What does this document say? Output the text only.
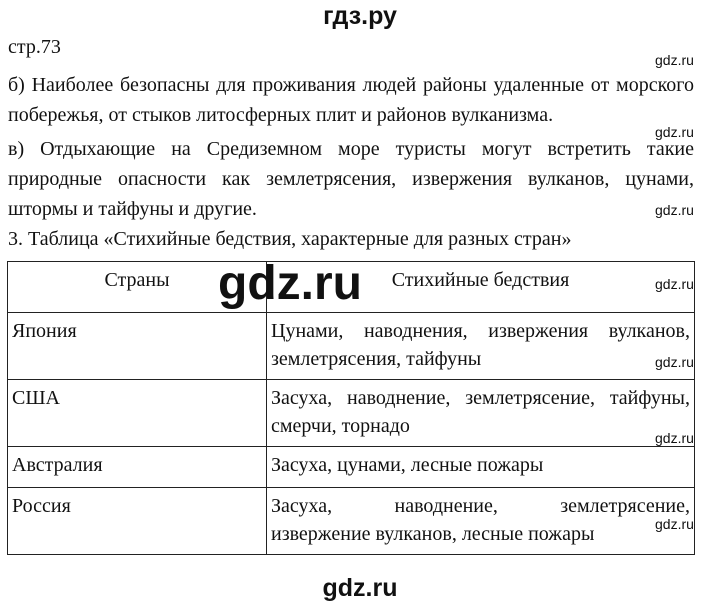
гдз.ру
стр.73
gdz.ru
б) Наиболее безопасны для проживания людей районы удаленные от морского побережья, от стыков литосферных плит и районов вулканизма.
gdz.ru
в) Отдыхающие на Средиземном море туристы могут встретить такие природные опасности как землетрясения, извержения вулканов, цунами, штормы и тайфуны и другие.	gdz.ru
3. Таблица «Стихийные бедствия, характерные для разных стран»
Страны	Стихийные бедствия
Япония	Цунами, наводнения, извержения вулканов,
землетрясения, тайфуны
США	Засуха, наводнение, землетрясение, тайфуны,
смерчи, торнадо
Австралия	Засуха, цунами, лесные пожары
Россия	Засуха, наводнение, землетрясение,
извержение вулканов, лесные пожары
gdz.ru	gdz.ru
gdz.ru
gdz.ru
gdz.ru
gdz.ru
